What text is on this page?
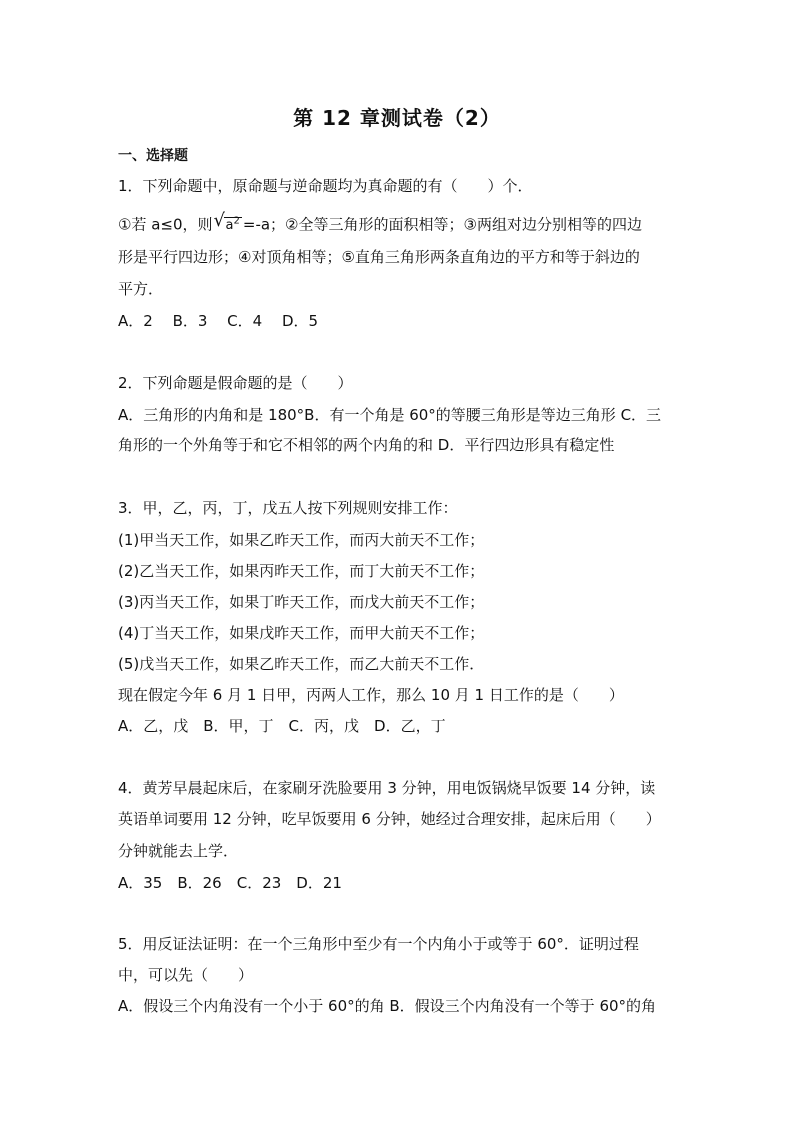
第 12 章测试卷（2）
一、选择题
1．下列命题中，原命题与逆命题均为真命题的有（　　）个．
①若 a≤0，则 √ $a^2 =-a$；②全等三角形的面积相等；③两组对边分别相等的四边
形是平行四边形；④对顶角相等；⑤直角三角形两条直角边的平方和等于斜边的
平方．
A．2　 B．3　 C．4　 D．5
2．下列命题是假命题的是（　　）
A．三角形的内角和是 180°B．有一个角是 60°的等腰三角形是等边三角形 C．三
角形的一个外角等于和它不相邻的两个内角的和 D．平行四边形具有稳定性
3．甲，乙，丙，丁，戊五人按下列规则安排工作：
(1)甲当天工作，如果乙昨天工作，而丙大前天不工作；
(2)乙当天工作，如果丙昨天工作，而丁大前天不工作；
(3)丙当天工作，如果丁昨天工作，而戊大前天不工作；
(4)丁当天工作，如果戊昨天工作，而甲大前天不工作；
(5)戊当天工作，如果乙昨天工作，而乙大前天不工作．
现在假定今年 6 月 1 日甲，丙两人工作，那么 10 月 1 日工作的是（　　）
A．乙，戊　B．甲，丁　C．丙，戊　D．乙，丁
4．黄芳早晨起床后，在家刷牙洗脸要用 3 分钟，用电饭锅烧早饭要 14 分钟，读
英语单词要用 12 分钟，吃早饭要用 6 分钟，她经过合理安排，起床后用（　　）
分钟就能去上学．
A．35　B．26　C．23　D．21
5．用反证法证明：在一个三角形中至少有一个内角小于或等于 60°．证明过程
中，可以先（　　）
A．假设三个内角没有一个小于 60°的角 B．假设三个内角没有一个等于 60°的角
